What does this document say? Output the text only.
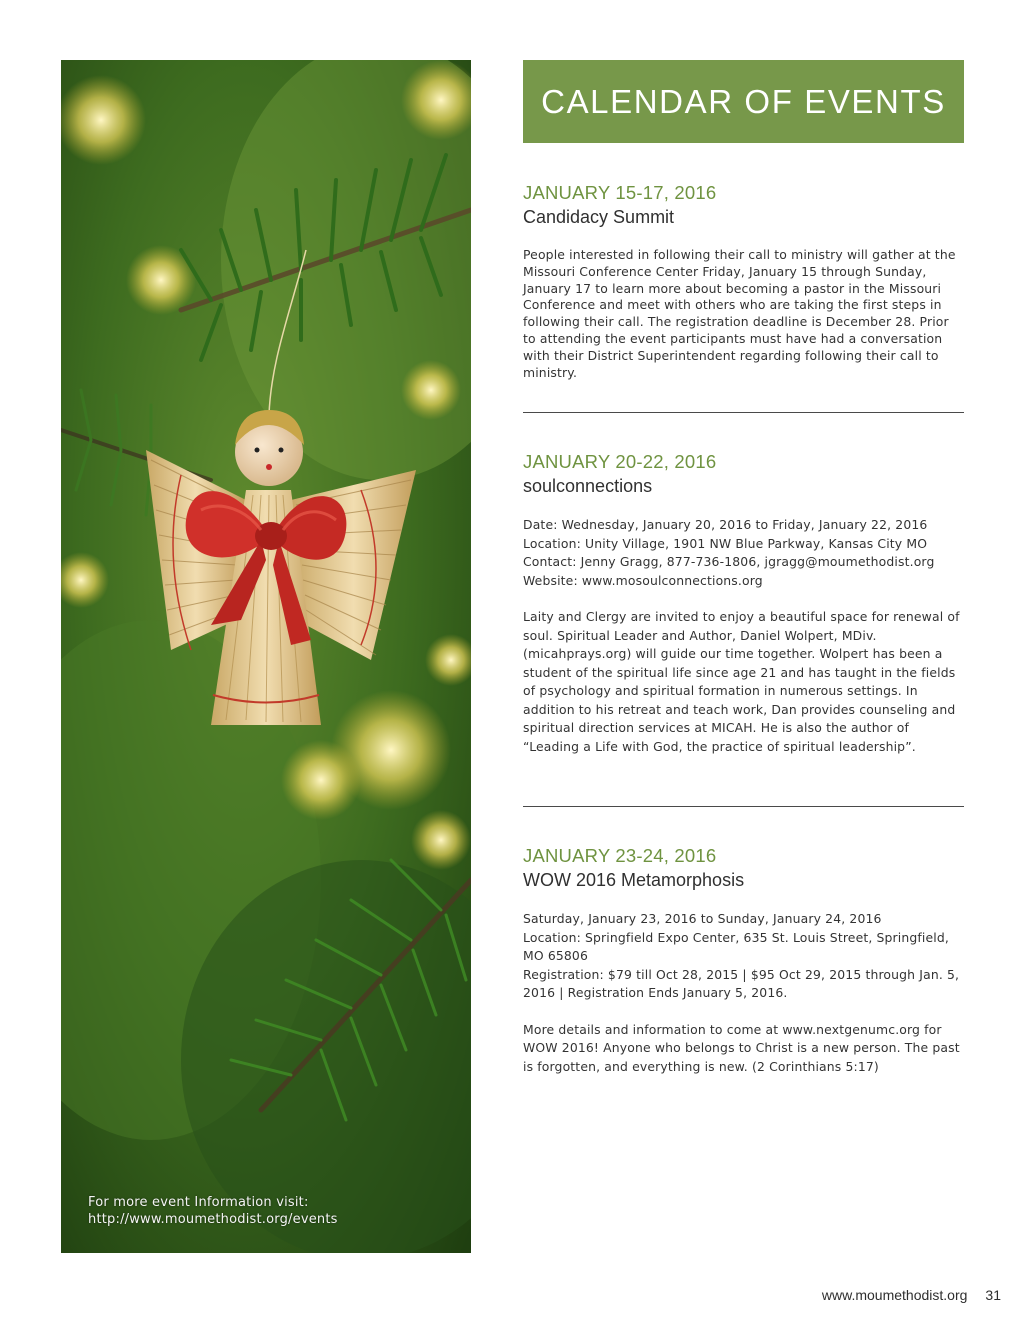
For more event Information visit:
http://www.moumethodist.org/events
CALENDAR OF EVENTS
JANUARY 15-17, 2016
Candidacy Summit

People interested in following their call to ministry will gather at the Missouri Conference Center Friday, January 15 through Sunday, January 17 to learn more about becoming a pastor in the Missouri Conference and meet with others who are taking the first steps in following their call. The registration deadline is December 28. Prior to attending the event participants must have had a conversation with their District Superintendent regarding following their call to ministry.

JANUARY 20-22, 2016
soulconnections

Date: Wednesday, January 20, 2016 to Friday, January 22, 2016
Location: Unity Village, 1901 NW Blue Parkway, Kansas City MO
Contact: Jenny Gragg, 877-736-1806, jgragg@moumethodist.org
Website: www.mosoulconnections.org

Laity and Clergy are invited to enjoy a beautiful space for renewal of soul. Spiritual Leader and Author, Daniel Wolpert, MDiv. (micahprays.org) will guide our time together. Wolpert has been a student of the spiritual life since age 21 and has taught in the fields of psychology and spiritual formation in numerous settings. In addition to his retreat and teach work, Dan provides counseling and spiritual direction services at MICAH. He is also the author of “Leading a Life with God, the practice of spiritual leadership”.

JANUARY 23-24, 2016
WOW 2016 Metamorphosis

Saturday, January 23, 2016 to Sunday, January 24, 2016
Location: Springfield Expo Center, 635 St. Louis Street, Springfield, MO 65806
Registration: $79 till Oct 28, 2015 | $95 Oct 29, 2015 through Jan. 5, 2016 | Registration Ends January 5, 2016.

More details and information to come at www.nextgenumc.org for WOW 2016! Anyone who belongs to Christ is a new person. The past is forgotten, and everything is new. (2 Corinthians 5:17)

www.moumethodist.org 31
